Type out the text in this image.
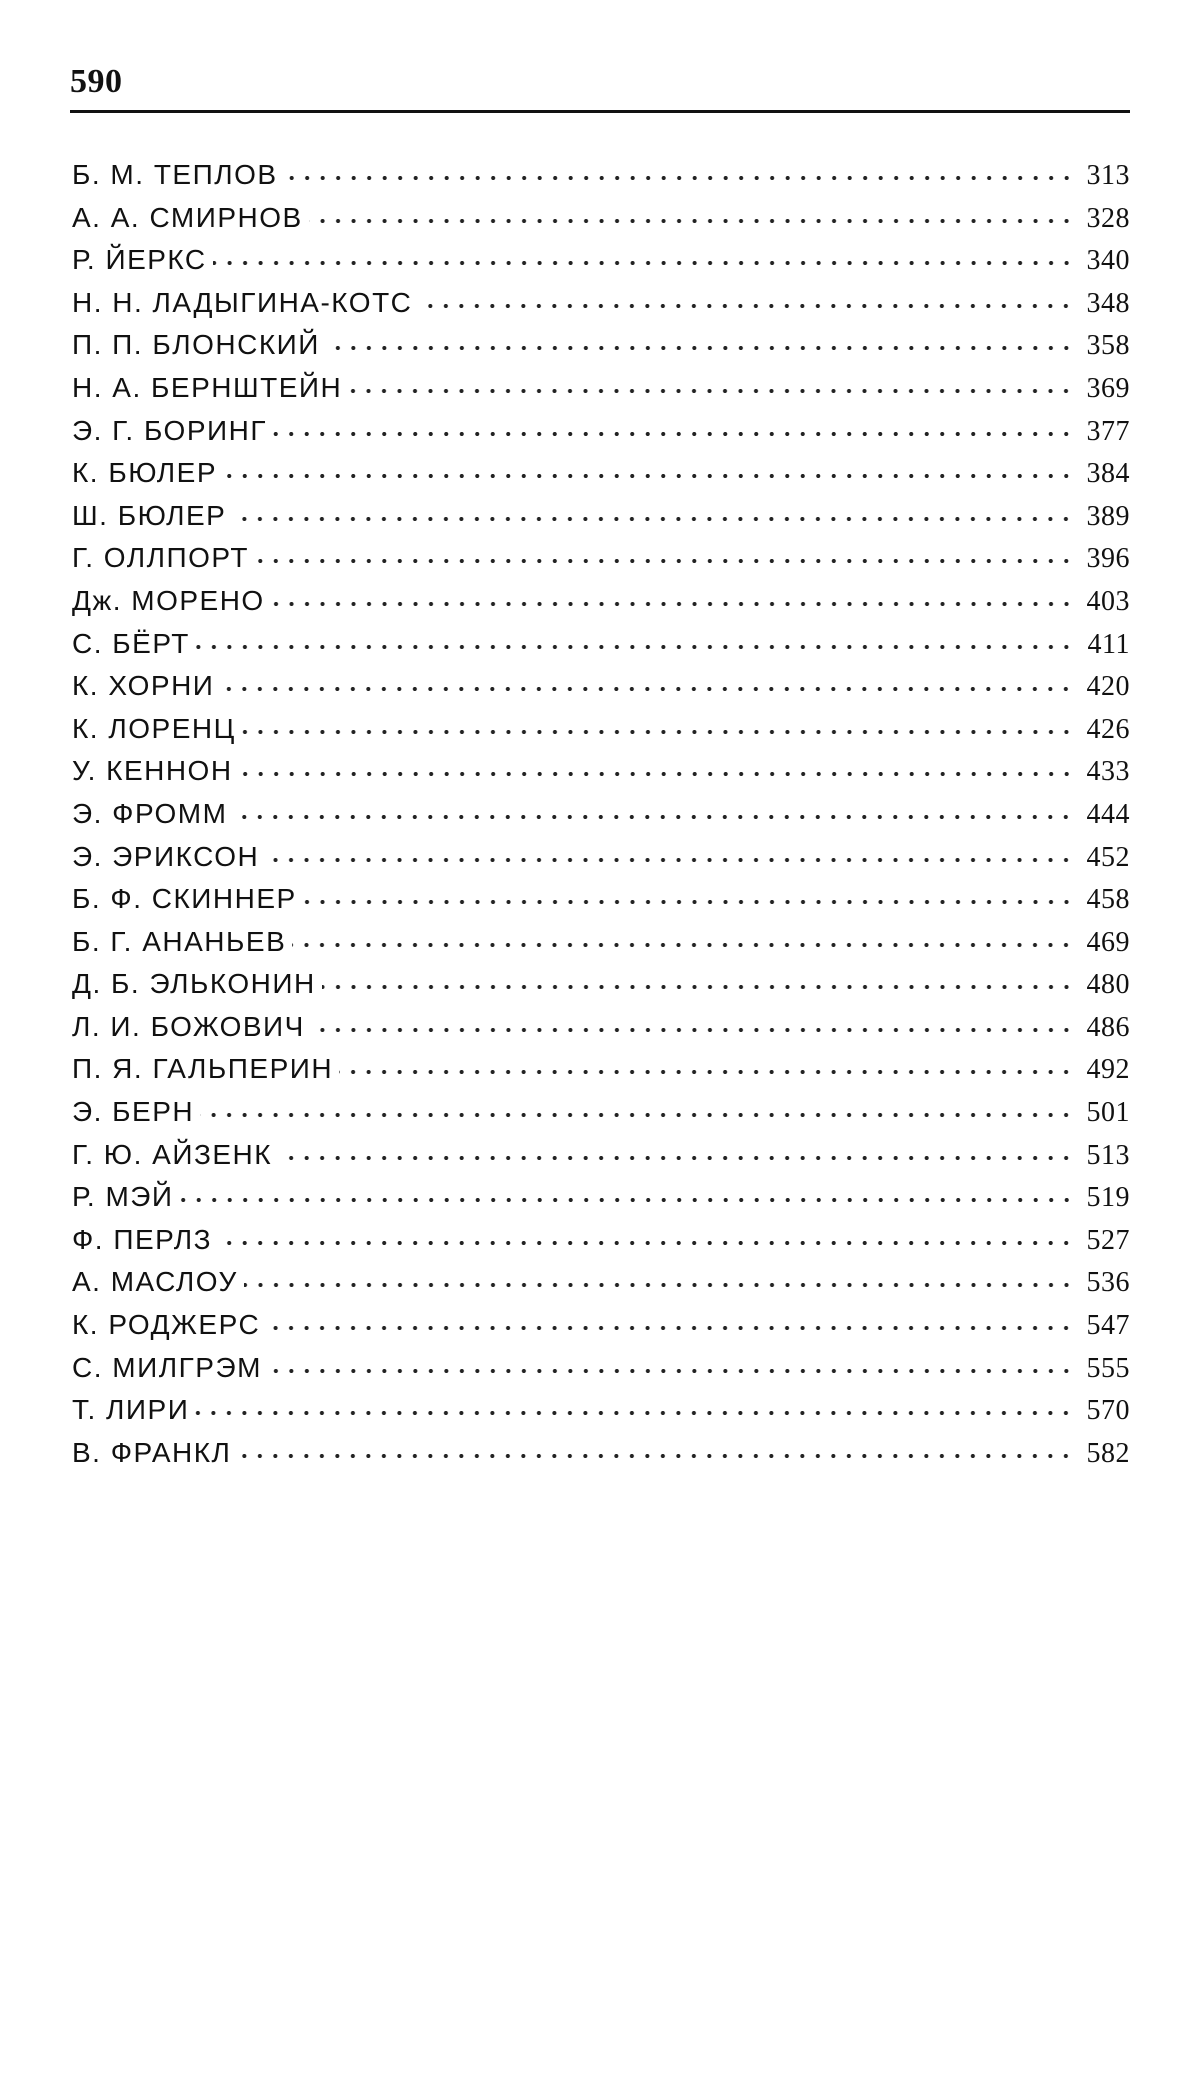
590
Б. М. ТЕПЛОВ	313
А. А. СМИРНОВ	328
Р. ЙЕРКС	340
Н. Н. ЛАДЫГИНА-КОТС	348
П. П. БЛОНСКИЙ	358
Н. А. БЕРНШТЕЙН	369
Э. Г. БОРИНГ	377
К. БЮЛЕР	384
Ш. БЮЛЕР	389
Г. ОЛЛПОРТ	396
Дж. МОРЕНО	403
С. БЁРТ	411
К. ХОРНИ	420
К. ЛОРЕНЦ	426
У. КЕННОН	433
Э. ФРОММ	444
Э. ЭРИКСОН	452
Б. Ф. СКИННЕР	458
Б. Г. АНАНЬЕВ	469
Д. Б. ЭЛЬКОНИН	480
Л. И. БОЖОВИЧ	486
П. Я. ГАЛЬПЕРИН	492
Э. БЕРН	501
Г. Ю. АЙЗЕНК	513
Р. МЭЙ	519
Ф. ПЕРЛЗ	527
А. МАСЛОУ	536
К. РОДЖЕРС	547
С. МИЛГРЭМ	555
Т. ЛИРИ	570
В. ФРАНКЛ	582
